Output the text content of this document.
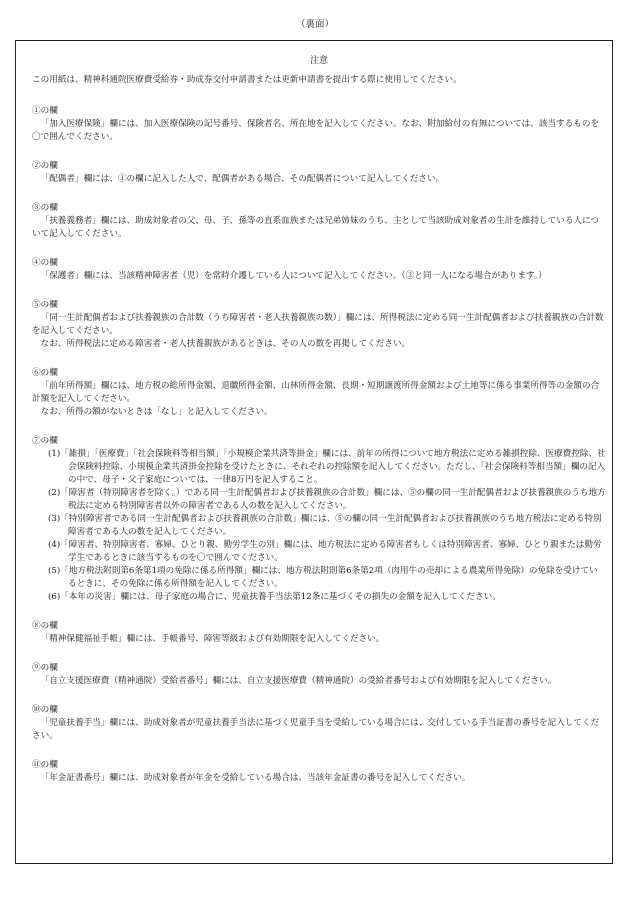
（裏面）
注意

この用紙は、精神科通院医療費受給券・助成券交付申請書または更新申請書を提出する際に使用してください。

①の欄

「加入医療保険」欄には、加入医療保険の記号番号、保険者名、所在地を記入してください。なお、附加給付の有無については、該当するものを〇で囲んでください。

②の欄

「配偶者」欄には、①の欄に記入した人で、配偶者がある場合、その配偶者について記入してください。

③の欄

「扶養義務者」欄には、助成対象者の父、母、子、孫等の直系血族または兄弟姉妹のうち、主として当該助成対象者の生計を維持している人について記入してください。

④の欄

「保護者」欄には、当該精神障害者（児）を常時介護している人について記入してください。（③と同一人になる場合があります。）

⑤の欄

「同一生計配偶者および扶養親族の合計数（うち障害者・老人扶養親族の数）」欄には、所得税法に定める同一生計配偶者および扶養親族の合計数を記入してください。

なお、所得税法に定める障害者・老人扶養親族があるときは、その人の数を再掲してください。

⑥の欄

「前年所得額」欄には、地方税の総所得金額、退職所得金額、山林所得金額、長期・短期譲渡所得金額および土地等に係る事業所得等の金額の合計額を記入してください。

なお、所得の額がないときは「なし」と記入してください。

⑦の欄

(1)「雑損」「医療費」「社会保険料等相当額」「小規模企業共済等掛金」欄には、前年の所得について地方税法に定める雑損控除、医療費控除、社会保険料控除、小規模企業共済掛金控除を受けたときに、それぞれの控除額を記入してください。ただし、「社会保険料等相当額」欄の記入の中で、母子・父子家庭については、一律8万円を記入すること。
(2)「障害者（特別障害者を除く。）である同一生計配偶者および扶養親族の合計数」欄には、⑤の欄の同一生計配偶者および扶養親族のうち地方税法に定める特別障害者以外の障害者である人の数を記入してください。
(3)「特別障害者である同一生計配偶者および扶養親族の合計数」欄には、⑤の欄の同一生計配偶者および扶養親族のうち地方税法に定める特別障害者である人の数を記入してください。
(4)「障害者、特別障害者、寡婦、ひとり親、勤労学生の別」欄には、地方税法に定める障害者もしくは特別障害者、寡婦、ひとり親または勤労学生であるときに該当するものを〇で囲んでください。
(5)「地方税法附則第6条第1項の免除に係る所得額」欄には、地方税法附則第6条第2項（肉用牛の売却による農業所得免除）の免除を受けているときに、その免除に係る所得額を記入してください。
(6)「本年の災害」欄には、母子家庭の場合に、児童扶養手当法第12条に基づくその損失の金額を記入してください。

⑧の欄

「精神保健福祉手帳」欄には、手帳番号、障害等級および有効期限を記入してください。

⑨の欄

「自立支援医療費（精神通院）受給者番号」欄には、自立支援医療費（精神通院）の受給者番号および有効期限を記入してください。

⑩の欄

「児童扶養手当」欄には、助成対象者が児童扶養手当法に基づく児童手当を受給している場合には、交付している手当証書の番号を記入してください。

⑪の欄

「年金証書番号」欄には、助成対象者が年金を受給している場合は、当該年金証書の番号を記入してください。
